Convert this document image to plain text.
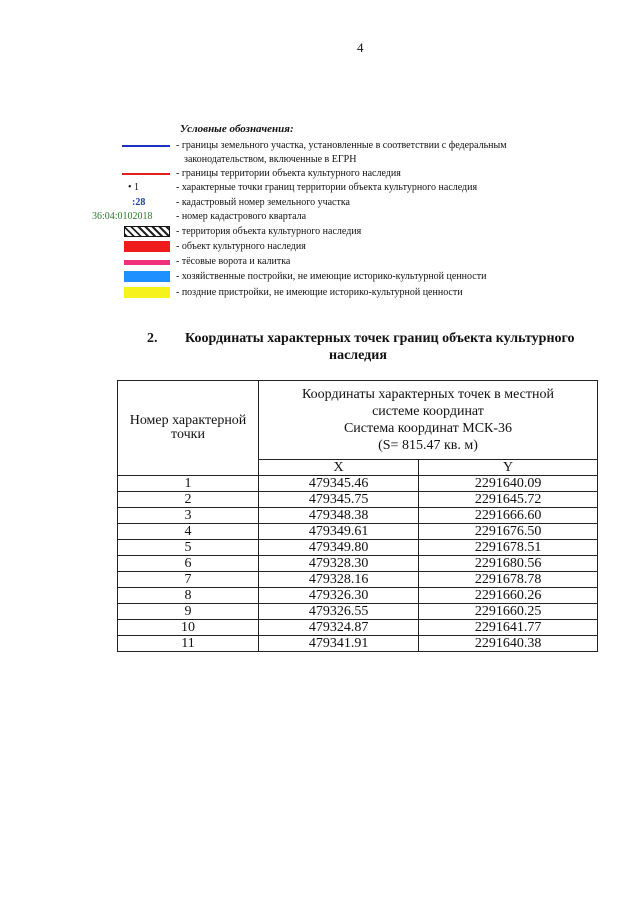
4
Условные обозначения:
- границы земельного участка, установленные в соответствии с федеральным
законодательством, включенные в ЕГРН
- границы территории объекта культурного наследия
• 1	- характерные точки границ территории объекта культурного наследия
:28	- кадастровый номер земельного участка
36:04:0102018 - номер кадастрового квартала
- территория объекта культурного наследия
- объект культурного наследия
- тёсовые ворота и калитка
- хозяйственные постройки, не имеющие историко-культурной ценности
- поздние пристройки, не имеющие историко-культурной ценности
2. Координаты характерных точек границ объекта культурного
наследия
Номер характерной точки	Координаты характерных точек в местной
системе координат
Система координат МСК-36
(S= 815.47 кв. м)	

	X	Y
1	479345.46	2291640.09
2	479345.75	2291645.72
3	479348.38	2291666.60
4	479349.61	2291676.50
5	479349.80	2291678.51
6	479328.30	2291680.56
7	479328.16	2291678.78
8	479326.30	2291660.26
9	479326.55	2291660.25
10	479324.87	2291641.77
11	479341.91	2291640.38
